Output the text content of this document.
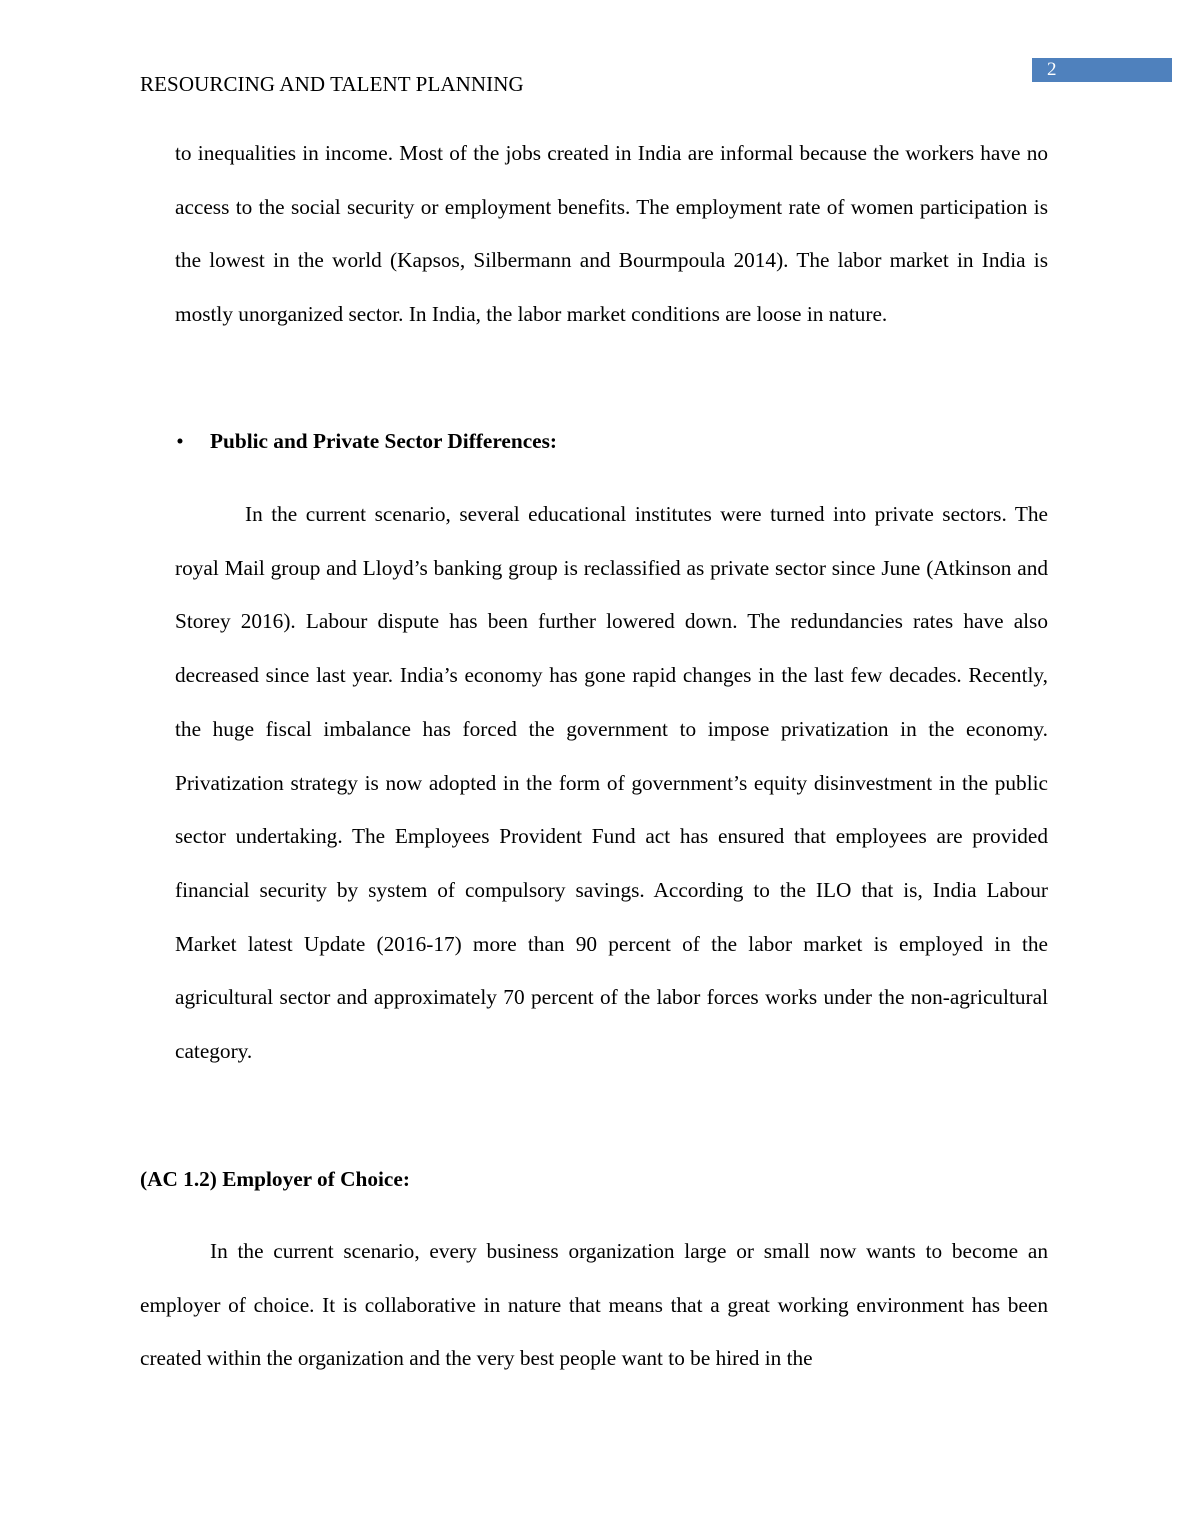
2
RESOURCING AND TALENT PLANNING

to inequalities in income. Most of the jobs created in India are informal because the workers have no access to the social security or employment benefits. The employment rate of women participation is the lowest in the world (Kapsos, Silbermann and Bourmpoula 2014). The labor market in India is mostly unorganized sector. In India, the labor market conditions are loose in nature.

• Public and Private Sector Differences:

In the current scenario, several educational institutes were turned into private sectors. The royal Mail group and Lloyd’s banking group is reclassified as private sector since June (Atkinson and Storey 2016). Labour dispute has been further lowered down. The redundancies rates have also decreased since last year. India’s economy has gone rapid changes in the last few decades. Recently, the huge fiscal imbalance has forced the government to impose privatization in the economy. Privatization strategy is now adopted in the form of government’s equity disinvestment in the public sector undertaking. The Employees Provident Fund act has ensured that employees are provided financial security by system of compulsory savings. According to the ILO that is, India Labour Market latest Update (2016-17) more than 90 percent of the labor market is employed in the agricultural sector and approximately 70 percent of the labor forces works under the non-agricultural category.

(AC 1.2) Employer of Choice:

In the current scenario, every business organization large or small now wants to become an employer of choice. It is collaborative in nature that means that a great working environment has been created within the organization and the very best people want to be hired in the
